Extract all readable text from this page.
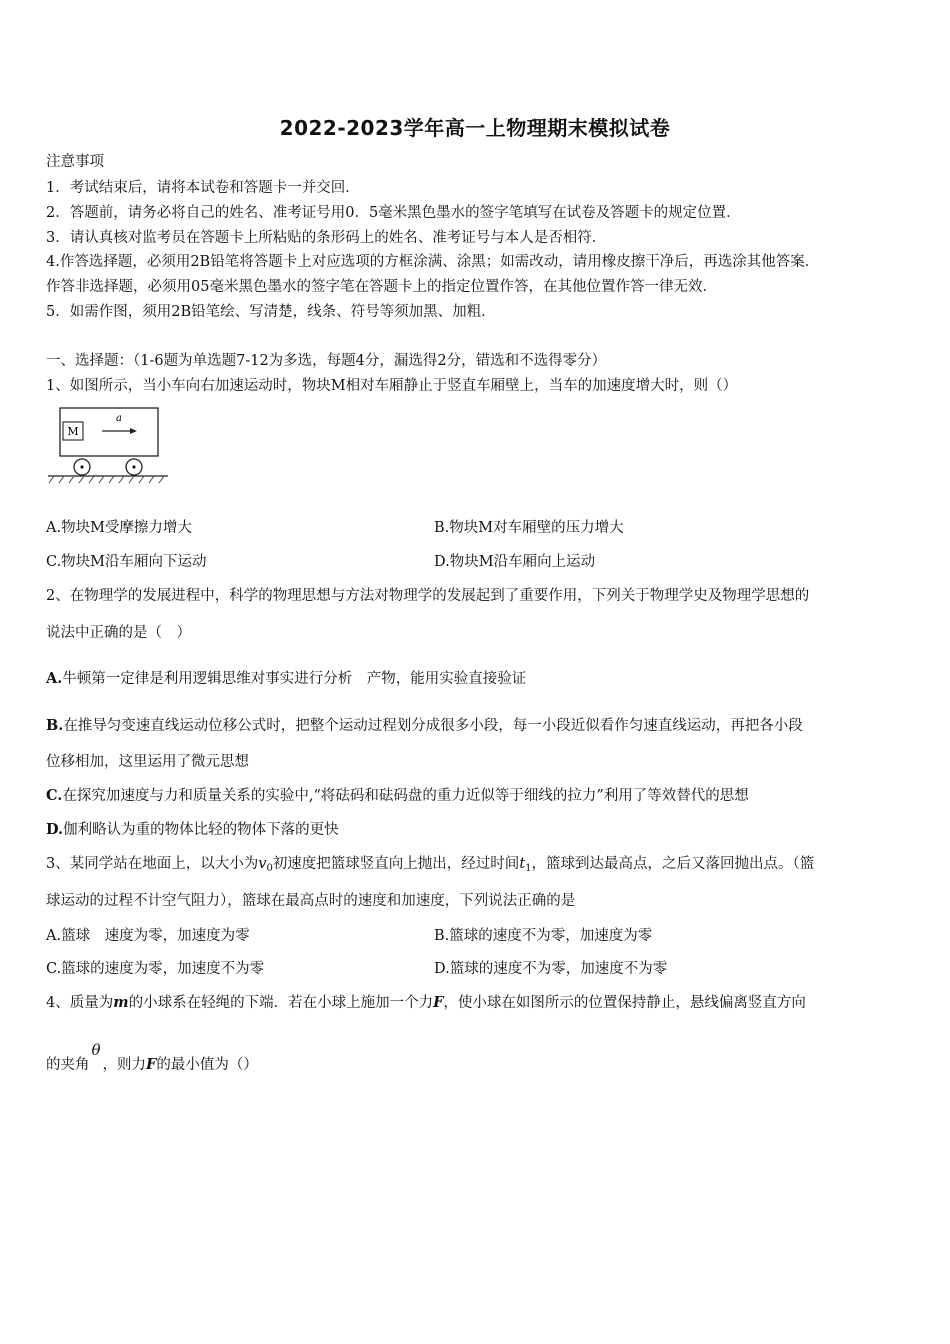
2022-2023学年高一上物理期末模拟试卷
注意事项
1．考试结束后，请将本试卷和答题卡一并交回．
2．答题前，请务必将自己的姓名、准考证号用0．5毫米黑色墨水的签字笔填写在试卷及答题卡的规定位置．
3．请认真核对监考员在答题卡上所粘贴的条形码上的姓名、准考证号与本人是否相符．
4.作答选择题，必须用2B铅笔将答题卡上对应选项的方框涂满、涂黑；如需改动，请用橡皮擦干净后，再选涂其他答案．
作答非选择题，必须用05毫米黑色墨水的签字笔在答题卡上的指定位置作答，在其他位置作答一律无效．
5．如需作图，须用2B铅笔绘、写清楚，线条、符号等须加黑、加粗．
一、选择题：（1-6题为单选题7-12为多选，每题4分，漏选得2分，错选和不选得零分）
1、如图所示，当小车向右加速运动时，物块M相对车厢静止于竖直车厢壁上，当车的加速度增大时，则（）
M
a
A.物块M受摩擦力增大	B.物块M对车厢壁的压力增大
C.物块M沿车厢向下运动	D.物块M沿车厢向上运动
2、在物理学的发展进程中，科学的物理思想与方法对物理学的发展起到了重要作用，下列关于物理学史及物理学思想的
说法中正确的是（　）
A.牛顿第一定律是利用逻辑思维对事实进行分析　产物，能用实验直接验证
B.在推导匀变速直线运动位移公式时，把整个运动过程划分成很多小段，每一小段近似看作匀速直线运动，再把各小段
位移相加，这里运用了微元思想
C.在探究加速度与力和质量关系的实验中,“将砝码和砝码盘的重力近似等于细线的拉力”利用了等效替代的思想
D.伽利略认为重的物体比轻的物体下落的更快
3、某同学站在地面上，以大小为$v_0$初速度把篮球竖直向上抛出，经过时间$t_1$，篮球到达最高点，之后又落回抛出点。（篮
球运动的过程不计空气阻力），篮球在最高点时的速度和加速度，下列说法正确的是
A.篮球　速度为零，加速度为零	B.篮球的速度不为零，加速度为零
C.篮球的速度为零，加速度不为零	D.篮球的速度不为零，加速度不为零
4、质量为m的小球系在轻绳的下端．若在小球上施加一个力F，使小球在如图所示的位置保持静止，悬线偏离竖直方向
的夹角θ，则力F的最小值为（）
